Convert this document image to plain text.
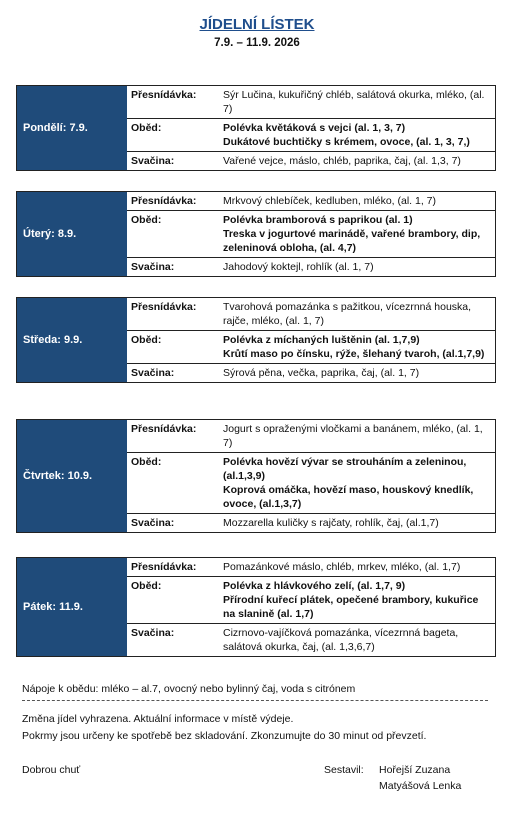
JÍDELNÍ LÍSTEK
7.9. – 11.9. 2026
Pondělí: 7.9.
Přesnídávka:	Sýr Lučina, kukuřičný chléb, salátová okurka, mléko, (al. 7)
Oběd:	Polévka květáková s vejci (al. 1, 3, 7)
Dukátové buchtičky s krémem, ovoce, (al. 1, 3, 7,)
Svačina:	Vařené vejce, máslo, chléb, paprika, čaj, (al. 1,3, 7)
Úterý: 8.9.
Přesnídávka:	Mrkvový chlebíček, kedluben, mléko, (al. 1, 7)
Oběd:	Polévka bramborová s paprikou (al. 1)
Treska v jogurtové marinádě, vařené brambory, dip, zeleninová obloha, (al. 4,7)
Svačina:	Jahodový koktejl, rohlík (al. 1, 7)
Středa: 9.9.
Přesnídávka:	Tvarohová pomazánka s pažitkou, vícezrnná houska, rajče, mléko, (al. 1, 7)
Oběd:	Polévka z míchaných luštěnin (al. 1,7,9)
Krůtí maso po čínsku, rýže, šlehaný tvaroh, (al.1,7,9)
Svačina:	Sýrová pěna, večka, paprika, čaj, (al. 1, 7)
Čtvrtek: 10.9.
Přesnídávka:	Jogurt s opraženými vločkami a banánem, mléko, (al. 1, 7)
Oběd:	Polévka hovězí vývar se strouháním a zeleninou, (al.1,3,9)
Koprová omáčka, hovězí maso, houskový knedlík, ovoce, (al.1,3,7)
Svačina:	Mozzarella kuličky s rajčaty, rohlík, čaj, (al.1,7)
Pátek: 11.9.
Přesnídávka:	Pomazánkové máslo, chléb, mrkev, mléko, (al. 1,7)
Oběd:	Polévka z hlávkového zelí, (al. 1,7, 9)
Přírodní kuřecí plátek, opečené brambory, kukuřice na slanině (al. 1,7)
Svačina:	Cizrnovo-vajíčková pomazánka, vícezrnná bageta, salátová okurka, čaj, (al. 1,3,6,7)
Nápoje k obědu: mléko – al.7, ovocný nebo bylinný čaj, voda s citrónem
Změna jídel vyhrazena. Aktuální informace v místě výdeje.
Pokrmy jsou určeny ke spotřebě bez skladování. Zkonzumujte do 30 minut od převzetí.
Dobrou chuť	Sestavil: Hořejší Zuzana
Matyášová Lenka
